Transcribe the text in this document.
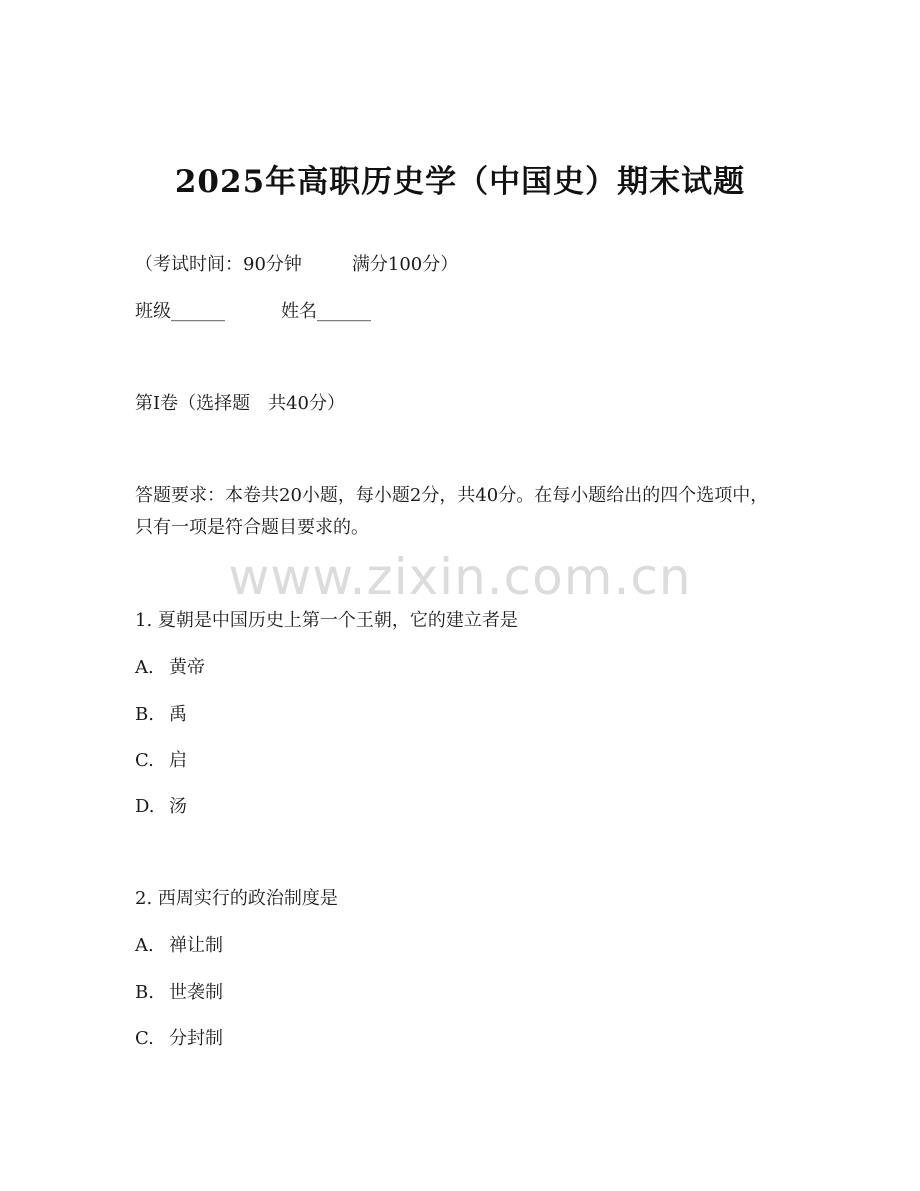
2025年高职历史学（中国史）期末试题
（考试时间：90分钟	满分100分）
班级______	姓名______
第Ⅰ卷（选择题　共40分）
答题要求：本卷共20小题，每小题2分，共40分。在每小题给出的四个选项中，只有一项是符合题目要求的。
www.zixin.com.cn
1. 夏朝是中国历史上第一个王朝，它的建立者是
A. 黄帝
B. 禹
C. 启
D. 汤
2. 西周实行的政治制度是
A. 禅让制
B. 世袭制
C. 分封制
